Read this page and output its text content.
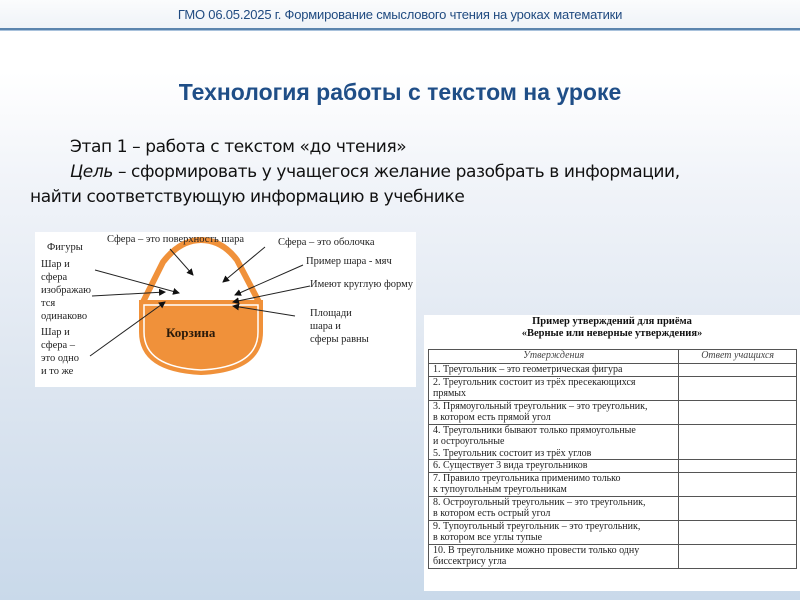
ГМО 06.05.2025 г. Формирование смыслового чтения на уроках математики
Технология работы с текстом на уроке
Этап 1 – работа с текстом «до чтения»
Цель – сформировать у учащегося желание разобрать в информации,
найти соответствующую информацию в учебнике
Корзина
Фигуры
Сфера – это поверхность шара	Сфера – это оболочка
Пример шара - мяч
Имеют круглую форму
Площади
шара и
сферы равны
Шар и
сфера
изображаю
тся
одинаково
Шар и
сфера –
это одно
и то же
Пример утверждений для приёма
«Верные или неверные утверждения»
Утверждения	Ответ учащихся

1. Треугольник – это геометрическая фигура	

2. Треугольник состоит из трёх пресекающихся
прямых	

3. Прямоугольный треугольник – это треугольник,
в котором есть прямой угол	

4. Треугольники бывают только прямоугольные
и остроугольные
5. Треугольник состоит из трёх углов	

6. Существует 3 вида треугольников	

7. Правило треугольника применимо только
к тупоугольным треугольникам	

8. Остроугольный треугольник – это треугольник,
в котором есть острый угол	

9. Тупоугольный треугольник – это треугольник,
в котором все углы тупые	

10. В треугольнике можно провести только одну
биссектрису угла	
